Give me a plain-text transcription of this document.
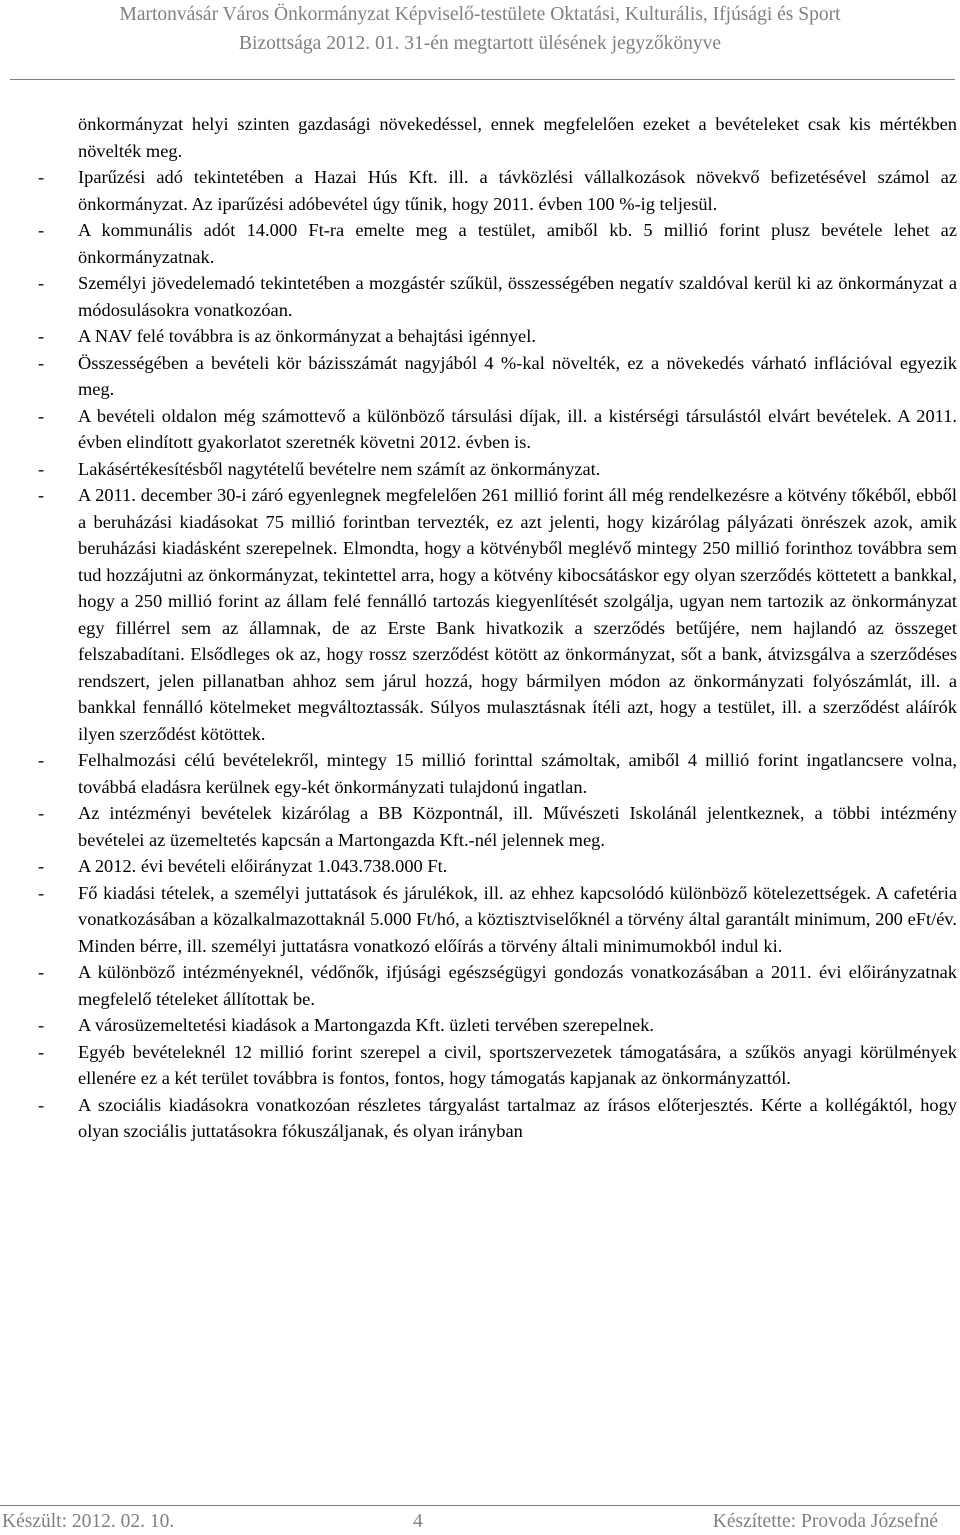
Martonvásár Város Önkormányzat Képviselő-testülete Oktatási, Kulturális, Ifjúsági és Sport
Bizottsága 2012. 01. 31-én megtartott ülésének jegyzőkönyve

önkormányzat helyi szinten gazdasági növekedéssel, ennek megfelelően ezeket a bevételeket csak kis mértékben növelték meg.

-	Iparűzési adó tekintetében a Hazai Hús Kft. ill. a távközlési vállalkozások növekvő befizetésével számol az önkormányzat. Az iparűzési adóbevétel úgy tűnik, hogy 2011. évben 100 %-ig teljesül.
-	A kommunális adót 14.000 Ft-ra emelte meg a testület, amiből kb. 5 millió forint plusz bevétele lehet az önkormányzatnak.
-	Személyi jövedelemadó tekintetében a mozgástér szűkül, összességében negatív szaldóval kerül ki az önkormányzat a módosulásokra vonatkozóan.
-	A NAV felé továbbra is az önkormányzat a behajtási igénnyel.
-	Összességében a bevételi kör bázisszámát nagyjából 4 %-kal növelték, ez a növekedés várható inflációval egyezik meg.
-	A bevételi oldalon még számottevő a különböző társulási díjak, ill. a kistérségi társulástól elvárt bevételek. A 2011. évben elindított gyakorlatot szeretnék követni 2012. évben is.
-	Lakásértékesítésből nagytételű bevételre nem számít az önkormányzat.
-	A 2011. december 30-i záró egyenlegnek megfelelően 261 millió forint áll még rendelkezésre a kötvény tőkéből, ebből a beruházási kiadásokat 75 millió forintban tervezték, ez azt jelenti, hogy kizárólag pályázati önrészek azok, amik beruházási kiadásként szerepelnek. Elmondta, hogy a kötvényből meglévő mintegy 250 millió forinthoz továbbra sem tud hozzájutni az önkormányzat, tekintettel arra, hogy a kötvény kibocsátáskor egy olyan szerződés köttetett a bankkal, hogy a 250 millió forint az állam felé fennálló tartozás kiegyenlítését szolgálja, ugyan nem tartozik az önkormányzat egy fillérrel sem az államnak, de az Erste Bank hivatkozik a szerződés betűjére, nem hajlandó az összeget felszabadítani. Elsődleges ok az, hogy rossz szerződést kötött az önkormányzat, sőt a bank, átvizsgálva a szerződéses rendszert, jelen pillanatban ahhoz sem járul hozzá, hogy bármilyen módon az önkormányzati folyószámlát, ill. a bankkal fennálló kötelmeket megváltoztassák. Súlyos mulasztásnak ítéli azt, hogy a testület, ill. a szerződést aláírók ilyen szerződést kötöttek.
-	Felhalmozási célú bevételekről, mintegy 15 millió forinttal számoltak, amiből 4 millió forint ingatlancsere volna, továbbá eladásra kerülnek egy-két önkormányzati tulajdonú ingatlan.
-	Az intézményi bevételek kizárólag a BB Központnál, ill. Művészeti Iskolánál jelentkeznek, a többi intézmény bevételei az üzemeltetés kapcsán a Martongazda Kft.-nél jelennek meg.
-	A 2012. évi bevételi előirányzat 1.043.738.000 Ft.
-	Fő kiadási tételek, a személyi juttatások és járulékok, ill. az ehhez kapcsolódó különböző kötelezettségek. A cafetéria vonatkozásában a közalkalmazottaknál 5.000 Ft/hó, a köztisztviselőknél a törvény által garantált minimum, 200 eFt/év. Minden bérre, ill. személyi juttatásra vonatkozó előírás a törvény általi minimumokból indul ki.
-	A különböző intézményeknél, védőnők, ifjúsági egészségügyi gondozás vonatkozásában a 2011. évi előirányzatnak megfelelő tételeket állítottak be.
-	A városüzemeltetési kiadások a Martongazda Kft. üzleti tervében szerepelnek.
-	Egyéb bevételeknél 12 millió forint szerepel a civil, sportszervezetek támogatására, a szűkös anyagi körülmények ellenére ez a két terület továbbra is fontos, fontos, hogy támogatás kapjanak az önkormányzattól.
-	A szociális kiadásokra vonatkozóan részletes tárgyalást tartalmaz az írásos előterjesztés. Kérte a kollégáktól, hogy olyan szociális juttatásokra fókuszáljanak, és olyan irányban
Készült: 2012. 02. 10.	4	Készítette: Provoda Józsefné
